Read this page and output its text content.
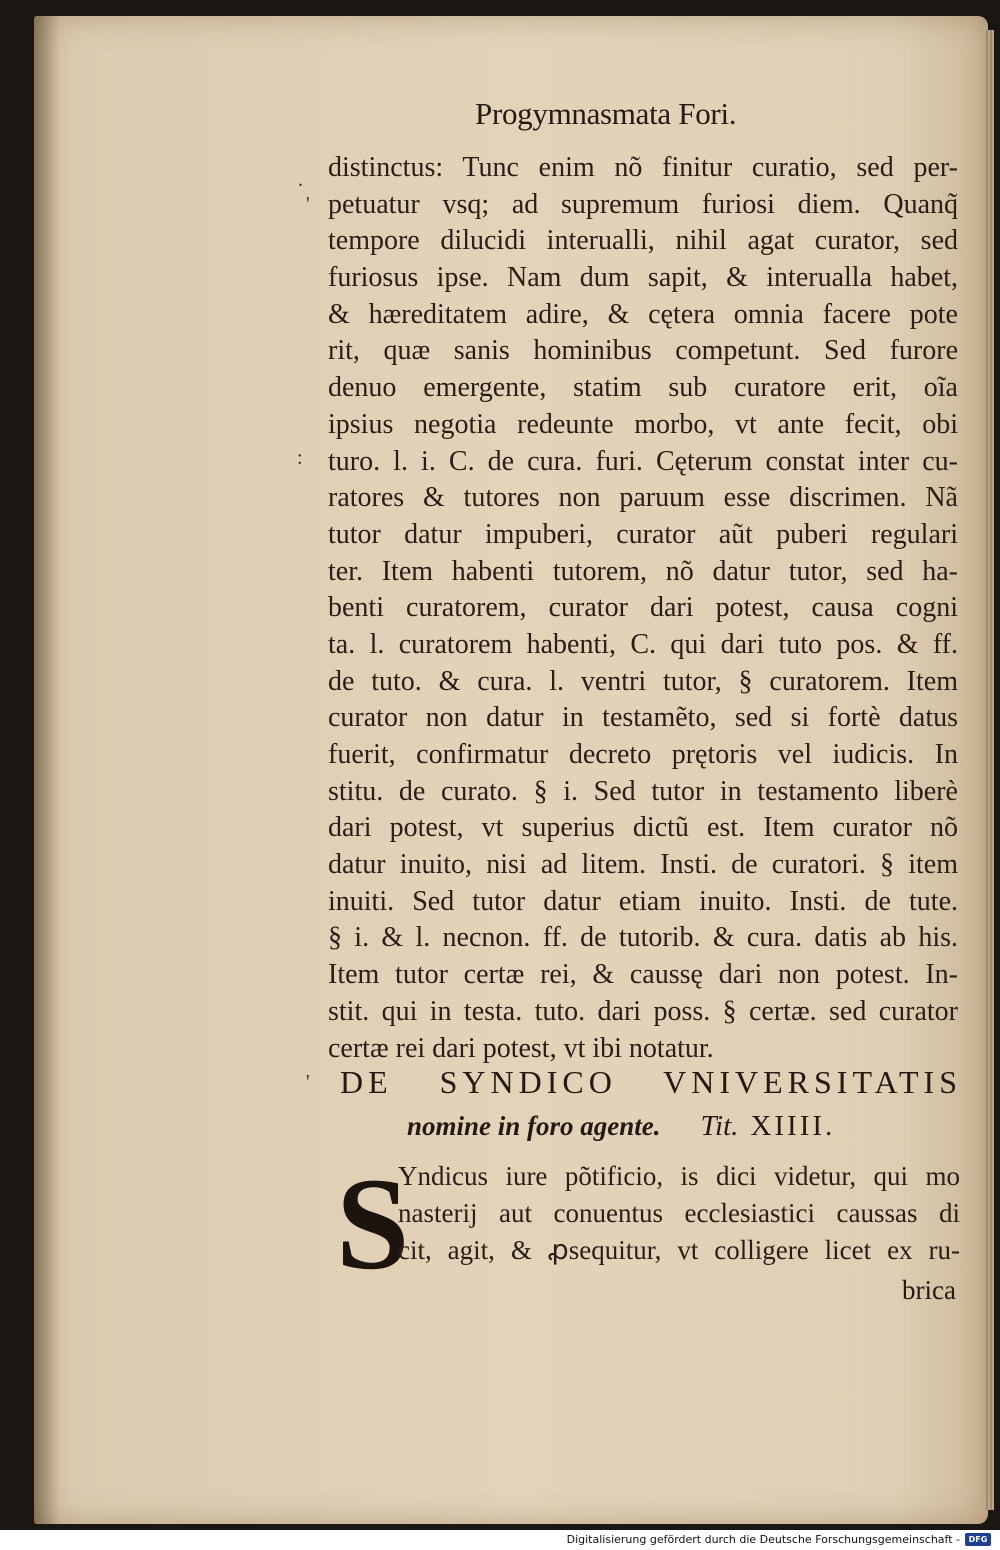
Progymnasmata Fori.
.
'
:
'
distinctus: Tunc enim nõ finitur curatio, sed per-
petuatur vsq; ad supremum furiosi diem. Quanq̃
tempore dilucidi interualli, nihil agat curator, sed
furiosus ipse. Nam dum sapit, & interualla habet,
& hæreditatem adire, & cętera omnia facere pote
rit, quæ sanis hominibus competunt. Sed furore
denuo emergente, statim sub curatore erit, oĩa
ipsius negotia redeunte morbo, vt ante fecit, obi
turo. l. i. C. de cura. furi. Cęterum constat inter cu-
ratores & tutores non paruum esse discrimen. Nã
tutor datur impuberi, curator aũt puberi regulari
ter. Item habenti tutorem, nõ datur tutor, sed ha-
benti curatorem, curator dari potest, causa cogni
ta. l. curatorem habenti, C. qui dari tuto pos. & ff.
de tuto. & cura. l. ventri tutor, § curatorem. Item
curator non datur in testamẽto, sed si fortè datus
fuerit, confirmatur decreto prętoris vel iudicis. In
stitu. de curato. § i. Sed tutor in testamento liberè
dari potest, vt superius dictũ est. Item curator nõ
datur inuito, nisi ad litem. Insti. de curatori. § item
inuiti. Sed tutor datur etiam inuito. Insti. de tute.
§ i. & l. necnon. ff. de tutorib. & cura. datis ab his.
Item tutor certæ rei, & caussę dari non potest. In-
stit. qui in testa. tuto. dari poss. § certæ. sed curator
certæ rei dari potest, vt ibi notatur.
DE SYNDICO VNIVERSITATIS
nomine in foro agente. Tit. XIIII.
S
Yndicus iure põtificio, is dici videtur, qui mo
nasterij aut conuentus ecclesiastici caussas di
cit, agit, & ꝓsequitur, vt colligere licet ex ru-
brica
Digitalisierung gefördert durch die Deutsche Forschungsgemeinschaft -	DFG
